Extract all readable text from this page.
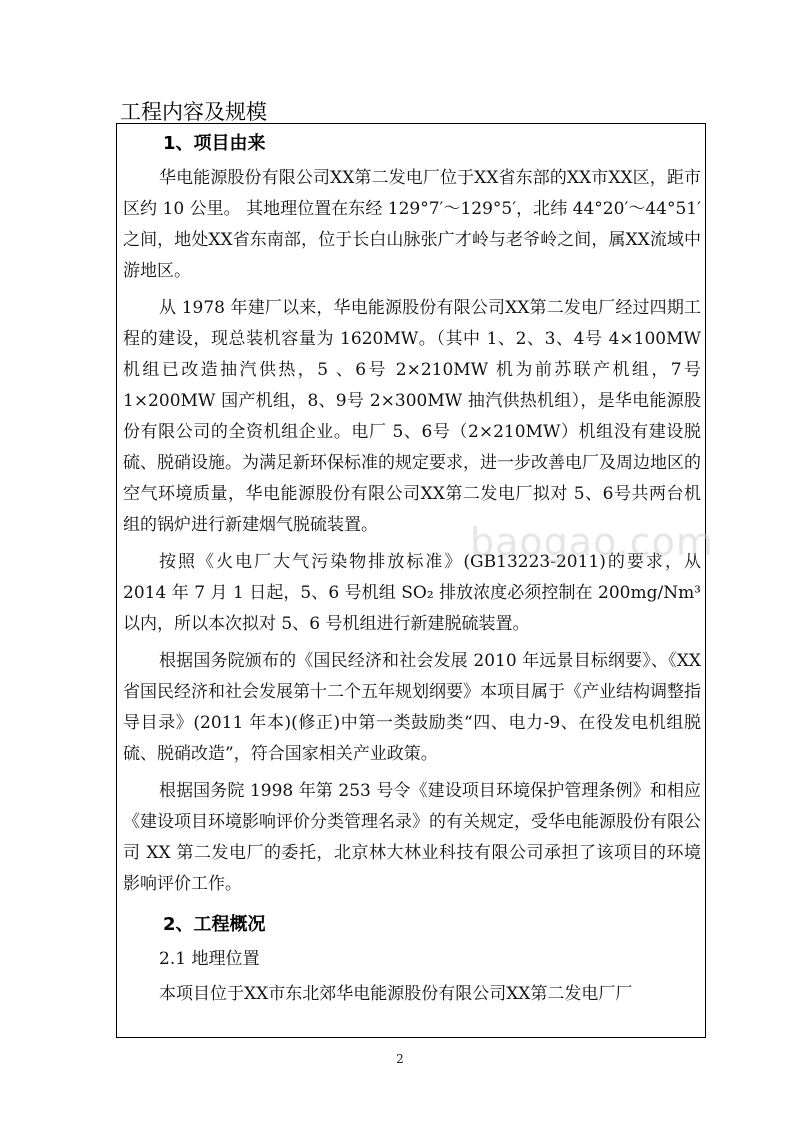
工程内容及规模
1、项目由来

华电能源股份有限公司XX第二发电厂位于XX省东部的XX市XX区，距市区约 10 公里。 其地理位置在东经 129°7′～129°5′，北纬 44°20′～44°51′之间，地处XX省东南部，位于长白山脉张广才岭与老爷岭之间，属XX流域中游地区。

从 1978 年建厂以来，华电能源股份有限公司XX第二发电厂经过四期工程的建设，现总装机容量为 1620MW。（其中 1、2、3、4号 4×100MW 机组已改造抽汽供热，5 、6号 2×210MW 机为前苏联产机组，7号 1×200MW 国产机组，8、9号 2×300MW 抽汽供热机组），是华电能源股份有限公司的全资机组企业。电厂 5、6号（2×210MW）机组没有建设脱硫、脱硝设施。为满足新环保标准的规定要求，进一步改善电厂及周边地区的空气环境质量，华电能源股份有限公司XX第二发电厂拟对 5、6号共两台机组的锅炉进行新建烟气脱硫装置。

按照《火电厂大气污染物排放标准》(GB13223-2011)的要求，从 2014 年 7 月 1 日起，5、6 号机组 SO₂ 排放浓度必须控制在 200mg/Nm³ 以内，所以本次拟对 5、6 号机组进行新建脱硫装置。

根据国务院颁布的《国民经济和社会发展 2010 年远景目标纲要》、《XX 省国民经济和社会发展第十二个五年规划纲要》本项目属于《产业结构调整指导目录》(2011 年本)(修正)中第一类鼓励类“四、电力-9、在役发电机组脱硫、脱硝改造”，符合国家相关产业政策。

根据国务院 1998 年第 253 号令《建设项目环境保护管理条例》和相应《建设项目环境影响评价分类管理名录》的有关规定，受华电能源股份有限公司 XX 第二发电厂的委托，北京林大林业科技有限公司承担了该项目的环境影响评价工作。

2、工程概况
2.1 地理位置

本项目位于XX市东北郊华电能源股份有限公司XX第二发电厂厂

baogao.com
2
